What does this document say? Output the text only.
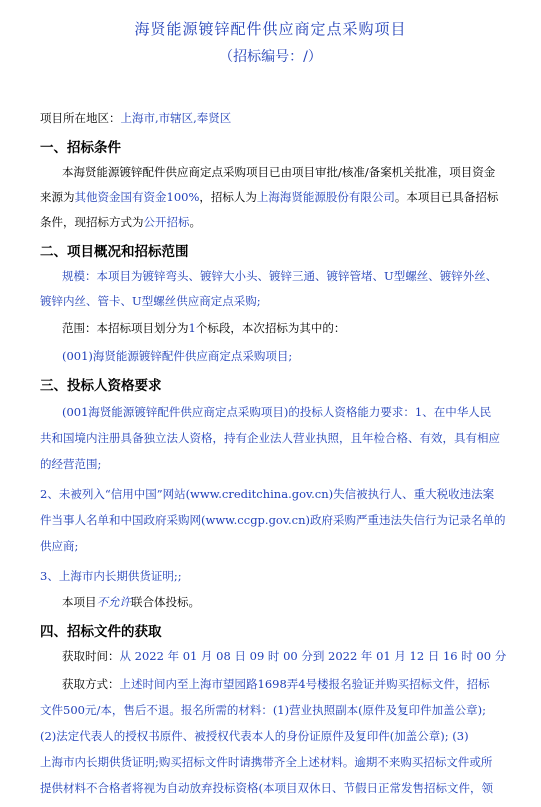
海贤能源镀锌配件供应商定点采购项目
（招标编号：/）
项目所在地区：上海市,市辖区,奉贤区
一、招标条件
本海贤能源镀锌配件供应商定点采购项目已由项目审批/核准/备案机关批准，项目资金
来源为其他资金国有资金100%，招标人为上海海贤能源股份有限公司。本项目已具备招标
条件，现招标方式为公开招标。
二、项目概况和招标范围
规模：本项目为镀锌弯头、镀锌大小头、镀锌三通、镀锌管堵、U型螺丝、镀锌外丝、
镀锌内丝、管卡、U型螺丝供应商定点采购;
范围：本招标项目划分为1个标段，本次招标为其中的：
(001)海贤能源镀锌配件供应商定点采购项目;
三、投标人资格要求
(001海贤能源镀锌配件供应商定点采购项目)的投标人资格能力要求：1、在中华人民
共和国境内注册具备独立法人资格，持有企业法人营业执照，且年检合格、有效，具有相应
的经营范围;
2、未被列入“信用中国”网站(www.creditchina.gov.cn)失信被执行人、重大税收违法案
件当事人名单和中国政府采购网(www.ccgp.gov.cn)政府采购严重违法失信行为记录名单的
供应商;
3、上海市内长期供货证明;;
本项目不允许联合体投标。
四、招标文件的获取
获取时间：从 2022 年 01 月 08 日 09 时 00 分到 2022 年 01 月 12 日 16 时 00 分
获取方式：上述时间内至上海市望园路1698弄4号楼报名验证并购买招标文件，招标
文件500元/本，售后不退。报名所需的材料：(1)营业执照副本(原件及复印件加盖公章);
(2)法定代表人的授权书原件、被授权代表本人的身份证原件及复印件(加盖公章); (3)
上海市内长期供货证明;购买招标文件时请携带齐全上述材料。逾期不来购买招标文件或所
提供材料不合格者将视为自动放弃投标资格(本项目双休日、节假日正常发售招标文件，领
